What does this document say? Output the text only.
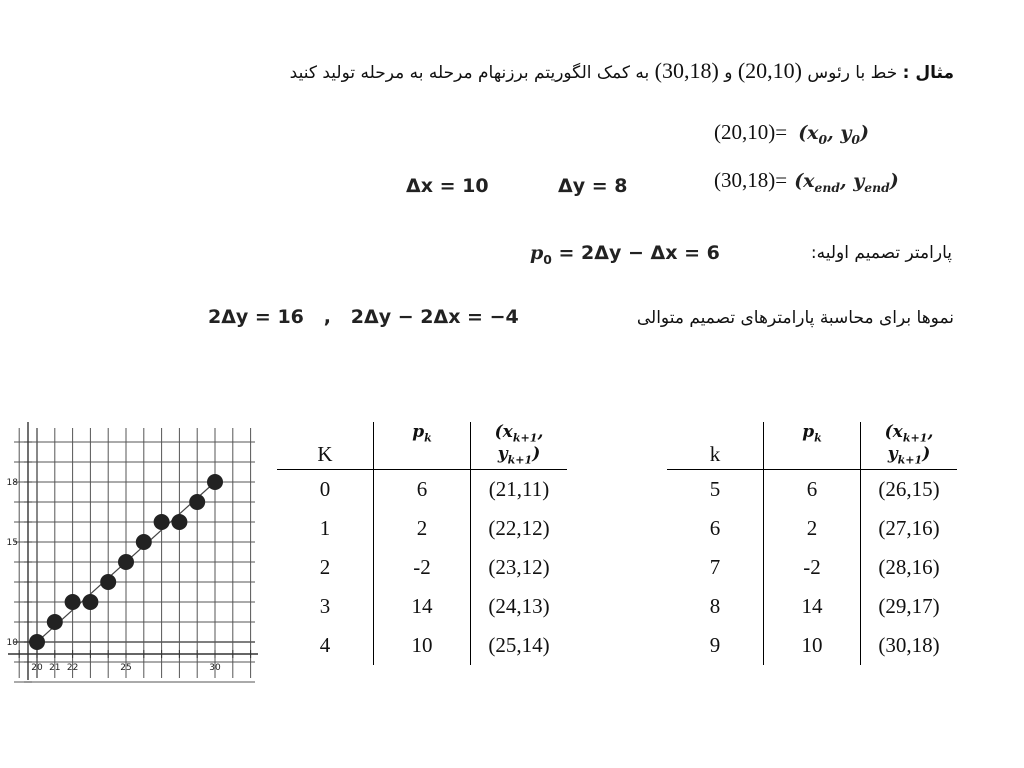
مثال : خط با رئوس (20,10) و (30,18) به کمک الگوریتم برزنهام مرحله به مرحله تولید کنید
$(20,10)= (x_0$, $y_0$)
$(30,18)= (x_{end}$, $y_{end}$)
Δx = 10	Δy = 8
پارامتر تصمیم اولیه:
$p_0 = 2\Delta y - \Delta x = 6$
نموها برای محاسبة پارامترهای تصمیم متوالی
2Δy = 16   ,   2Δy − 2Δx = −4
K	$p_k$	($x_{k+1}$, $y_{k+1}$)
0	6	(21,11)
1	2	(22,12)
2	-2	(23,12)
3	14	(24,13)
4	10	(25,14)
k	$p_k$	($x_{k+1}$, $y_{k+1}$)
5	6	(26,15)
6	2	(27,16)
7	-2	(28,16)
8	14	(29,17)
9	10	(30,18)
20 21 22	25	30
10
15
18
